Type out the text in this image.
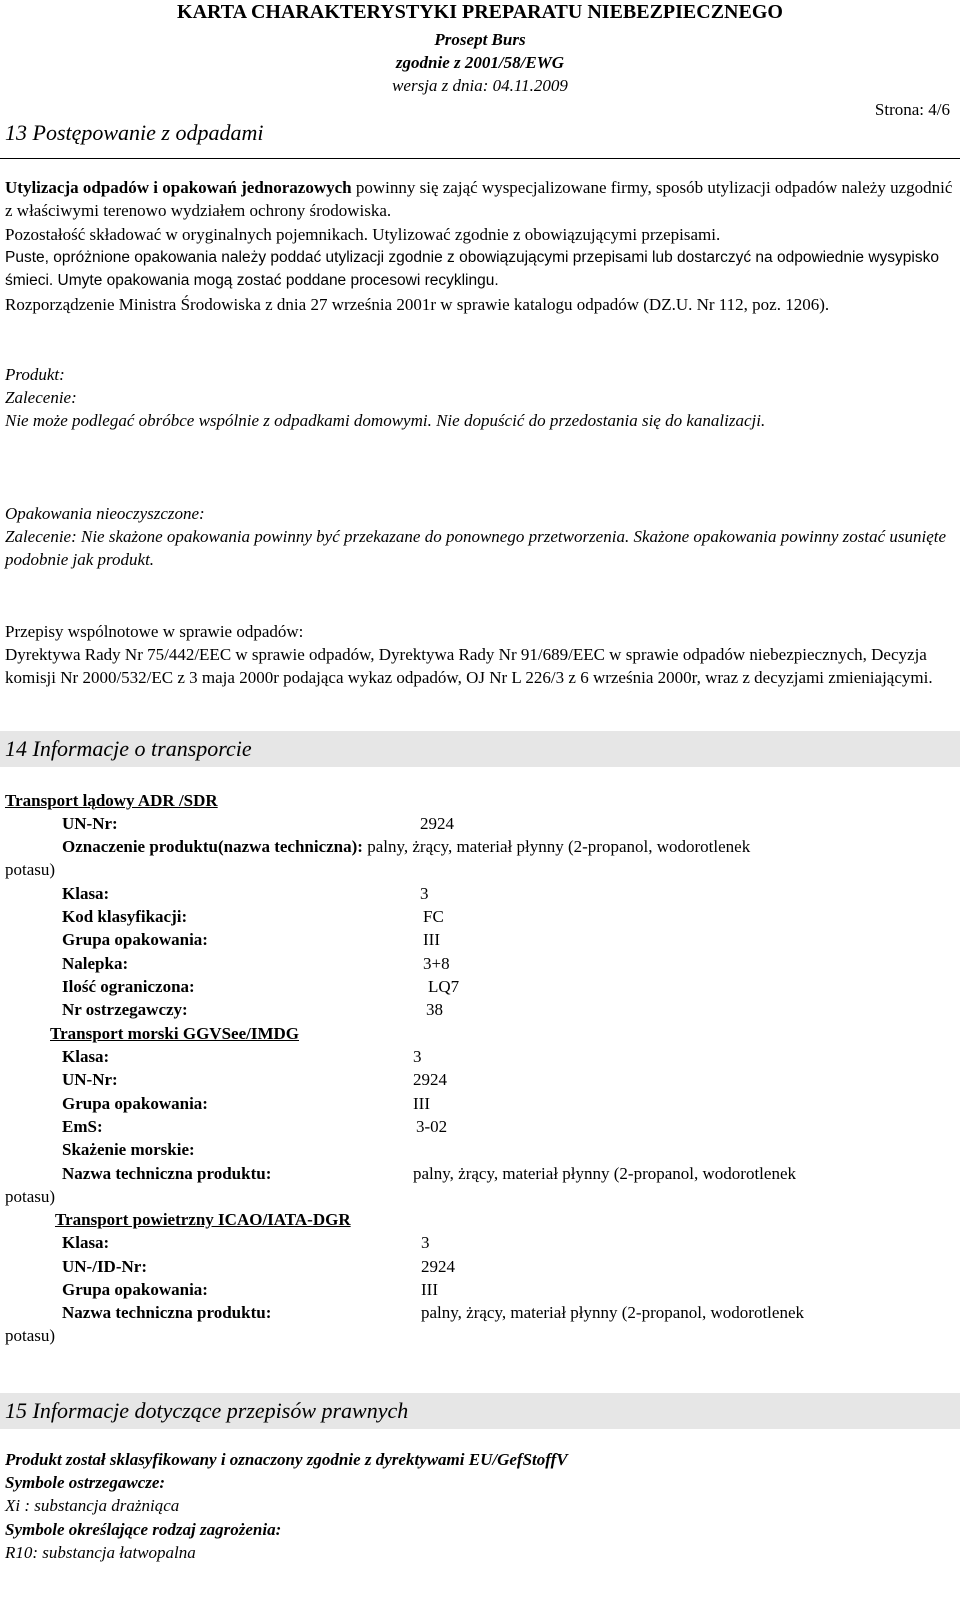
KARTA CHARAKTERYSTYKI PREPARATU NIEBEZPIECZNEGO
Prosept Burs
zgodnie z 2001/58/EWG
wersja z dnia: 04.11.2009
Strona: 4/6
13 Postępowanie z odpadami
Utylizacja odpadów i opakowań jednorazowych powinny się zająć wyspecjalizowane firmy, sposób utylizacji odpadów należy uzgodnić z właściwymi terenowo wydziałem ochrony środowiska.
Pozostałość składować w oryginalnych pojemnikach. Utylizować zgodnie z obowiązującymi przepisami.
Puste, opróżnione opakowania należy poddać utylizacji zgodnie z obowiązującymi przepisami lub dostarczyć na odpowiednie wysypisko śmieci. Umyte opakowania mogą zostać poddane procesowi recyklingu.
Rozporządzenie Ministra Środowiska z dnia 27 września 2001r w sprawie katalogu odpadów (DZ.U. Nr 112, poz. 1206).
Produkt:
Zalecenie:
Nie może podlegać obróbce wspólnie z odpadkami domowymi. Nie dopuścić do przedostania się do kanalizacji.
Opakowania nieoczyszczone:
Zalecenie: Nie skażone opakowania powinny być przekazane do ponownego przetworzenia. Skażone opakowania powinny zostać usunięte podobnie jak produkt.
Przepisy wspólnotowe w sprawie odpadów:
Dyrektywa Rady Nr 75/442/EEC w sprawie odpadów, Dyrektywa Rady Nr 91/689/EEC w sprawie odpadów niebezpiecznych, Decyzja komisji Nr 2000/532/EC z 3 maja 2000r podająca wykaz odpadów, OJ Nr L 226/3 z 6 września 2000r, wraz z decyzjami zmieniającymi.
14 Informacje o transporcie
Transport lądowy ADR /SDR
UN-Nr:	2924
Oznaczenie produktu(nazwa techniczna): palny, żrący, materiał płynny (2-propanol, wodorotlenek
potasu)
Klasa:	3
Kod klasyfikacji:	FC
Grupa opakowania:	III
Nalepka:	3+8
Ilość ograniczona:	LQ7
Nr ostrzegawczy:	38
Transport morski GGVSee/IMDG
Klasa:	3
UN-Nr:	2924
Grupa opakowania:	III
EmS:	3-02
Skażenie morskie:
Nazwa techniczna produktu:	palny, żrący, materiał płynny (2-propanol, wodorotlenek
potasu)
Transport powietrzny ICAO/IATA-DGR
Klasa:	3
UN-/ID-Nr:	2924
Grupa opakowania:	III
Nazwa techniczna produktu:	palny, żrący, materiał płynny (2-propanol, wodorotlenek
potasu)
15 Informacje dotyczące przepisów prawnych
Produkt został sklasyfikowany i oznaczony zgodnie z dyrektywami EU/GefStoffV
Symbole ostrzegawcze:
Xi : substancja drażniąca
Symbole określające rodzaj zagrożenia:
R10: substancja łatwopalna
